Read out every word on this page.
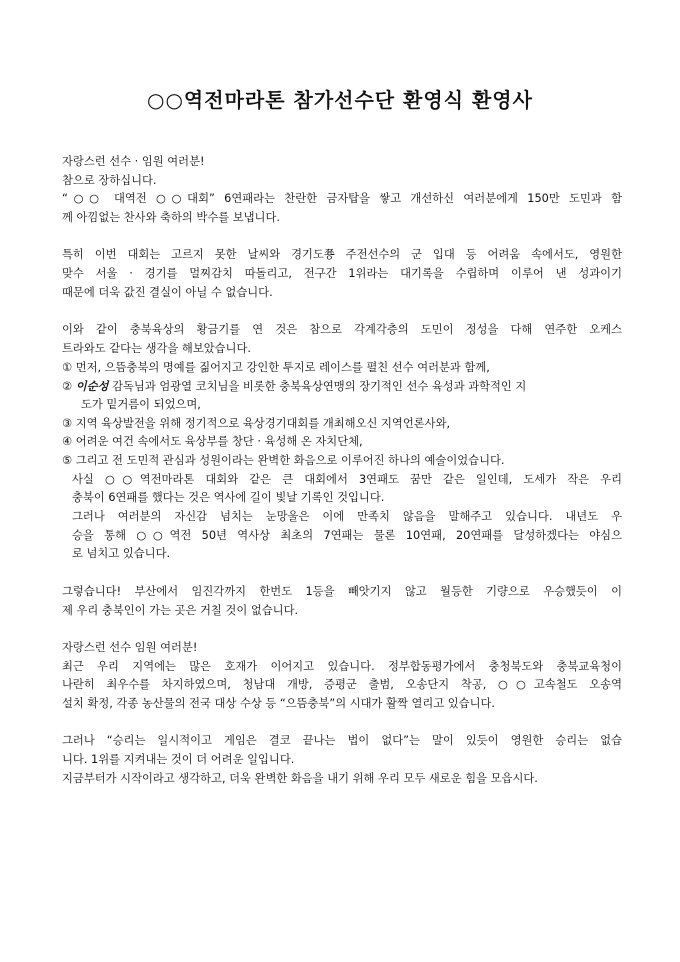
○○역전마라톤 참가선수단 환영식 환영사
자랑스런 선수 · 임원 여러분!
참으로 장하십니다.
“○○ 대역전 ○○대회” 6연패라는 찬란한 금자탑을 쌓고 개선하신 여러분에게 150만 도민과 함
께 아낌없는 찬사와 축하의 박수를 보냅니다.
특히 이번 대회는 고르지 못한 날씨와 경기도쭁 주전선수의 군 입대 등 어려움 속에서도, 영원한
맞수 서울 · 경기를 멀찌감치 따돌리고, 전구간 1위라는 대기록을 수립하며 이루어 낸 성과이기
때문에 더욱 값진 결실이 아닐 수 없습니다.
이와 같이 충북육상의 황금기를 연 것은 참으로 각계각층의 도민이 정성을 다해 연주한 오케스
트라와도 같다는 생각을 해보았습니다.
① 먼저, 으뜸충북의 명예를 짊어지고 강인한 투지로 레이스를 펼친 선수 여러분과 함께,
② 이순성 감독님과 엄광열 코치님을 비롯한 충북육상연맹의 장기적인 선수 육성과 과학적인 지
도가 밑거름이 되었으며,
③ 지역 육상발전을 위해 정기적으로 육상경기대회를 개최해오신 지역언론사와,
④ 어려운 여건 속에서도 육상부를 창단 · 육성해 온 자치단체,
⑤ 그리고 전 도민적 관심과 성원이라는 완벽한 화음으로 이루어진 하나의 예술이었습니다.
사실 ○○역전마라톤 대회와 같은 큰 대회에서 3연패도 꿈만 같은 일인데, 도세가 작은 우리
충북이 6연패를 했다는 것은 역사에 길이 빛날 기록인 것입니다.
그러나 여러분의 자신감 넘치는 눈망울은 이에 만족치 않음을 말해주고 있습니다. 내년도 우
승을 통해 ○○역전 50년 역사상 최초의 7연패는 물론 10연패, 20연패를 달성하겠다는 야심으
로 넘치고 있습니다.
그렇습니다! 부산에서 임진각까지 한번도 1등을 빼앗기지 않고 월등한 기량으로 우승했듯이 이
제 우리 충북인이 가는 곳은 거칠 것이 없습니다.
자랑스런 선수 임원 여러분!
최근 우리 지역에는 많은 호재가 이어지고 있습니다. 정부합동평가에서 충청북도와 충북교육청이
나란히 최우수를 차지하였으며, 청남대 개방, 증평군 출범, 오송단지 착공, ○○고속철도 오송역
설치 확정, 각종 농산물의 전국 대상 수상 등 “으뜸충북”의 시대가 활짝 열리고 있습니다.
그러나 “승리는 일시적이고 게임은 결코 끝나는 법이 없다”는 말이 있듯이 영원한 승리는 없습
니다. 1위를 지켜내는 것이 더 어려운 일입니다.
지금부터가 시작이라고 생각하고, 더욱 완벽한 화음을 내기 위해 우리 모두 새로운 힘을 모읍시다.
